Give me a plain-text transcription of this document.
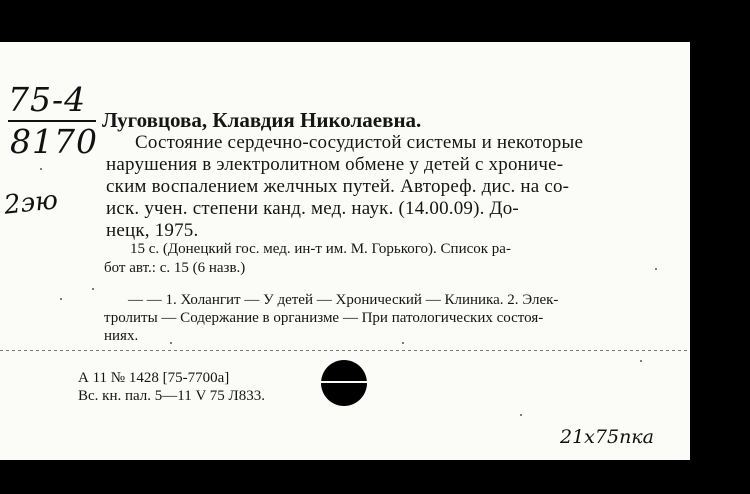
75-4
8170
2эю
Луговцова, Клавдия Николаевна.
Состояние сердечно-сосудистой системы и некоторые
нарушения в электролитном обмене у детей с хрониче-
ским воспалением желчных путей. Автореф. дис. на со-
иск. учен. степени канд. мед. наук. (14.00.09). До-
нецк, 1975.
15 с. (Донецкий гос. мед. ин-т им. М. Горького). Список ра-
бот авт.: с. 15 (6 назв.)
— — 1. Холангит — У детей — Хронический — Клиника. 2. Элек-
тролиты — Содержание в организме — При патологических состоя-
ниях.
А 11 № 1428 [75-7700а]
Вс. кн. пал. 5—11 V 75 Л833.
21х75пка
